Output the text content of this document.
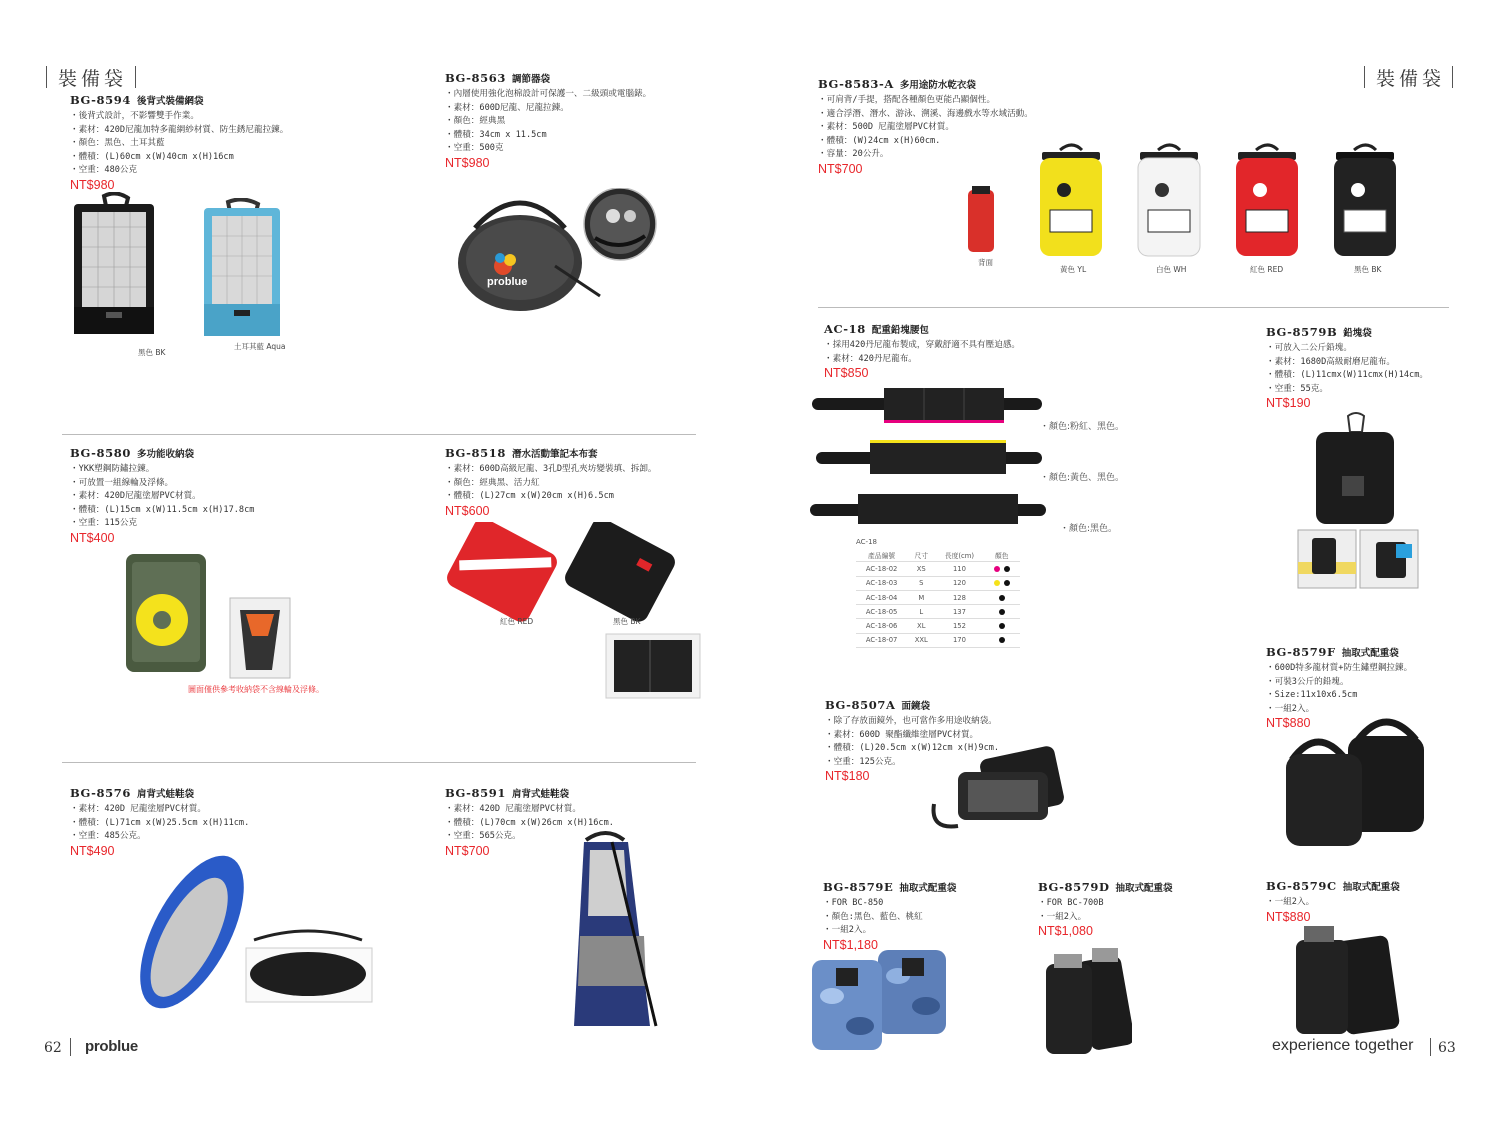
裝備袋	裝備袋
62 problue	experience together 63
BG-8594 後背式裝備網袋
・ 後背式設計，不影響雙手作業。
・ 素材：420D尼龍加特多龍網紗材質、防生銹尼龍拉鍊。
・ 顏色：黑色、土耳其藍
・ 體積：(L)60cm x(W)40cm x(H)16cm
・ 空重：480公克
NT$980
黑色 BK
土耳其藍 Aqua
BG-8563 調節器袋
・ 內層使用強化泡棉設計可保護一、二級頭或電腦錶。
・ 素材：600D尼龍、尼龍拉鍊。
・ 顏色：經典黑
・ 體積：34cm x 11.5cm
・ 空重：500克
NT$980
problue
BG-8583-A 多用途防水乾衣袋
・ 可肩背/手提，搭配各種顏色更能凸顯個性。
・ 適合浮潛、潛水、游泳、溯溪、海邊戲水等水域活動。
・ 素材：500D 尼龍塗層PVC材質。
・ 體積：(W)24cm x(H)60cm.
・ 容量：20公升。
NT$700
背面
黃色 YL	白色 WH	紅色 RED	黑色 BK
AC-18 配重鉛塊腰包
・ 採用420丹尼龍布製成，穿戴舒適不具有壓迫感。
・ 素材：420丹尼龍布。
NT$850
・顏色:粉紅、黑色。
・顏色:黃色、黑色。
・顏色:黑色。
AC-18
產品編號	尺寸	長度(cm)	顏色
AC-18-02	XS	110	
AC-18-03	S	120	
AC-18-04	M	128	
AC-18-05	L	137	
AC-18-06	XL	152	
AC-18-07	XXL	170	
BG-8579B 鉛塊袋
・ 可放入二公斤鉛塊。
・ 素材：1680D高級耐磨尼龍布。
・ 體積：(L)11cmx(W)11cmx(H)14cm。
・ 空重：55克。
NT$190
BG-8580 多功能收納袋
・ YKK塑鋼防鏽拉鍊。
・ 可放置一組線輪及浮條。
・ 素材：420D尼龍塗層PVC材質。
・ 體積：(L)15cm x(W)11.5cm x(H)17.8cm
・ 空重：115公克
NT$400
圖面僅供參考收納袋不含線輪及浮條。
BG-8518 潛水活動筆記本布套
・ 素材：600D高級尼龍、3孔D型孔夾坊變裝填、拆卸。
・ 顏色：經典黑、活力紅
・ 體積：(L)27cm x(W)20cm x(H)6.5cm
NT$600
紅色 RED	黑色 BK
BG-8507A 面鏡袋
・ 除了存放面鏡外，也可當作多用途收納袋。
・ 素材：600D 聚酯纖維塗層PVC材質。
・ 體積：(L)20.5cm x(W)12cm x(H)9cm.
・ 空重：125公克。
NT$180
BG-8579F 抽取式配重袋
・ 600D特多龍材質+防生鏽塑鋼拉鍊。
・ 可裝3公斤的鉛塊。
・ Size:11x10x6.5cm
・ 一組2入。
NT$880
BG-8576 肩背式蛙鞋袋
・ 素材：420D 尼龍塗層PVC材質。
・ 體積：(L)71cm x(W)25.5cm x(H)11cm.
・ 空重：485公克。
NT$490
BG-8591 肩背式蛙鞋袋
・ 素材：420D 尼龍塗層PVC材質。
・ 體積：(L)70cm x(W)26cm x(H)16cm.
・ 空重：565公克。
NT$700
BG-8579E 抽取式配重袋
・ FOR BC-850
・ 顏色:黑色、藍色、桃紅
・ 一組2入。
NT$1,180
BG-8579D 抽取式配重袋
・ FOR BC-700B
・ 一組2入。
NT$1,080
BG-8579C 抽取式配重袋
・ 一組2入。
NT$880
